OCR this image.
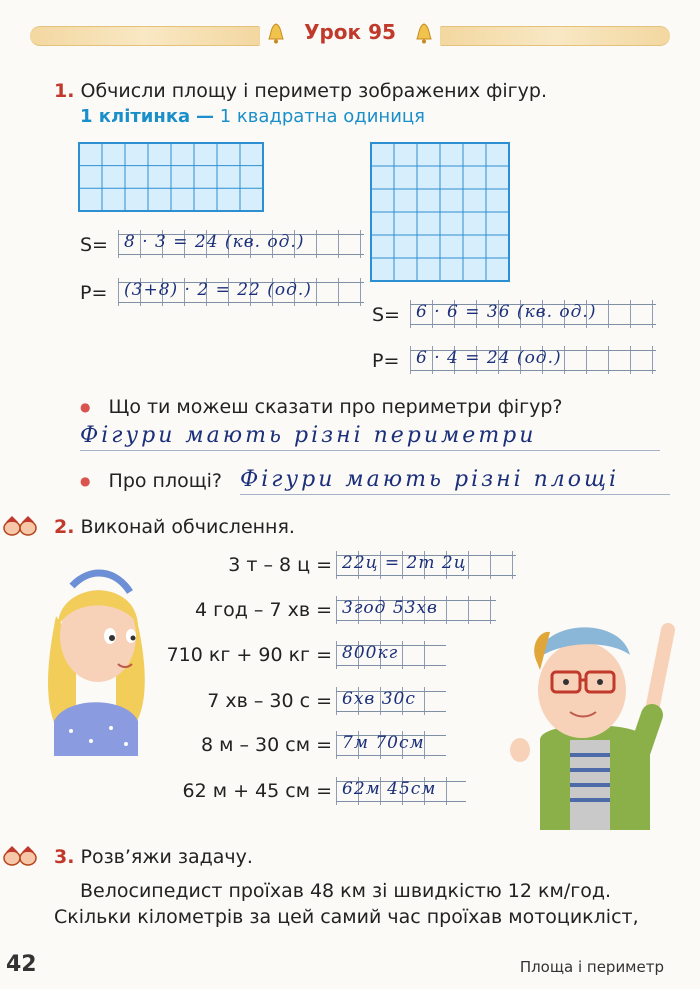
Урок 95
1. Обчисли площу і периметр зображених фігур.
1 клітинка — 1 квадратна одиниця
S= 8 · 3 = 24 (кв. од.)
P= (3+8) · 2 = 22 (од.)
S= 6 · 6 = 36 (кв. од.)
P= 6 · 4 = 24 (од.)
● Що ти можеш сказати про периметри фігур?
Фігури мають різні периметри
● Про площі? Фігури мають різні площі
2. Виконай обчислення.
3 т – 8 ц = 22ц = 2т 2ц
4 год – 7 хв = 3год 53хв
710 кг + 90 кг = 800кг
7 хв – 30 с = 6хв 30с
8 м – 30 см = 7м 70см
62 м + 45 см = 62м 45см
3. Розв’яжи задачу.
Велосипедист проїхав 48 км зі швидкістю 12 км/год.
Скільки кілометрів за цей самий час проїхав мотоцикліст,
42	Площа і периметр
